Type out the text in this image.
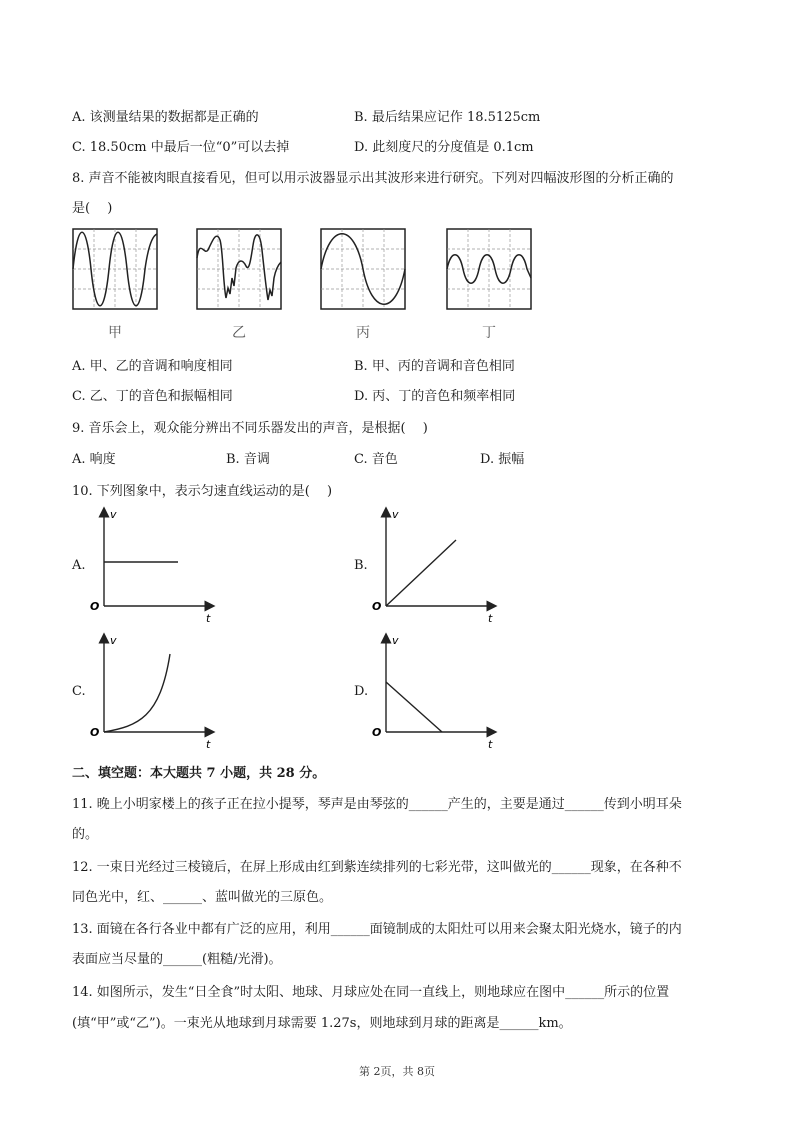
A. 该测量结果的数据都是正确的	B. 最后结果应记作 18.5125cm
C. 18.50cm 中最后一位“0”可以去掉	D. 此刻度尺的分度值是 0.1cm
8. 声音不能被肉眼直接看见，但可以用示波器显示出其波形来进行研究。下列对四幅波形图的分析正确的
是(　 )
甲	乙	丙	丁
A. 甲、乙的音调和响度相同	B. 甲、丙的音调和音色相同
C. 乙、丁的音色和振幅相同	D. 丙、丁的音色和频率相同
9. 音乐会上，观众能分辨出不同乐器发出的声音，是根据(　 )
A. 响度	B. 音调	C. 音色	D. 振幅
10. 下列图象中，表示匀速直线运动的是(　 )
A.	B.
C.	D.
v
t
O
v
t
O
v
t
O
v
t
O
二、填空题：本大题共 7 小题，共 28 分。
11. 晚上小明家楼上的孩子正在拉小提琴，琴声是由琴弦的______产生的，主要是通过______传到小明耳朵
的。
12. 一束日光经过三棱镜后，在屏上形成由红到紫连续排列的七彩光带，这叫做光的______现象，在各种不
同色光中，红、______、蓝叫做光的三原色。
13. 面镜在各行各业中都有广泛的应用，利用______面镜制成的太阳灶可以用来会聚太阳光烧水，镜子的内
表面应当尽量的______(粗糙/光滑)。
14. 如图所示，发生“日全食”时太阳、地球、月球应处在同一直线上，则地球应在图中______所示的位置
(填“甲”或“乙”)。一束光从地球到月球需要 1.27s，则地球到月球的距离是______km。
第 2页，共 8页
